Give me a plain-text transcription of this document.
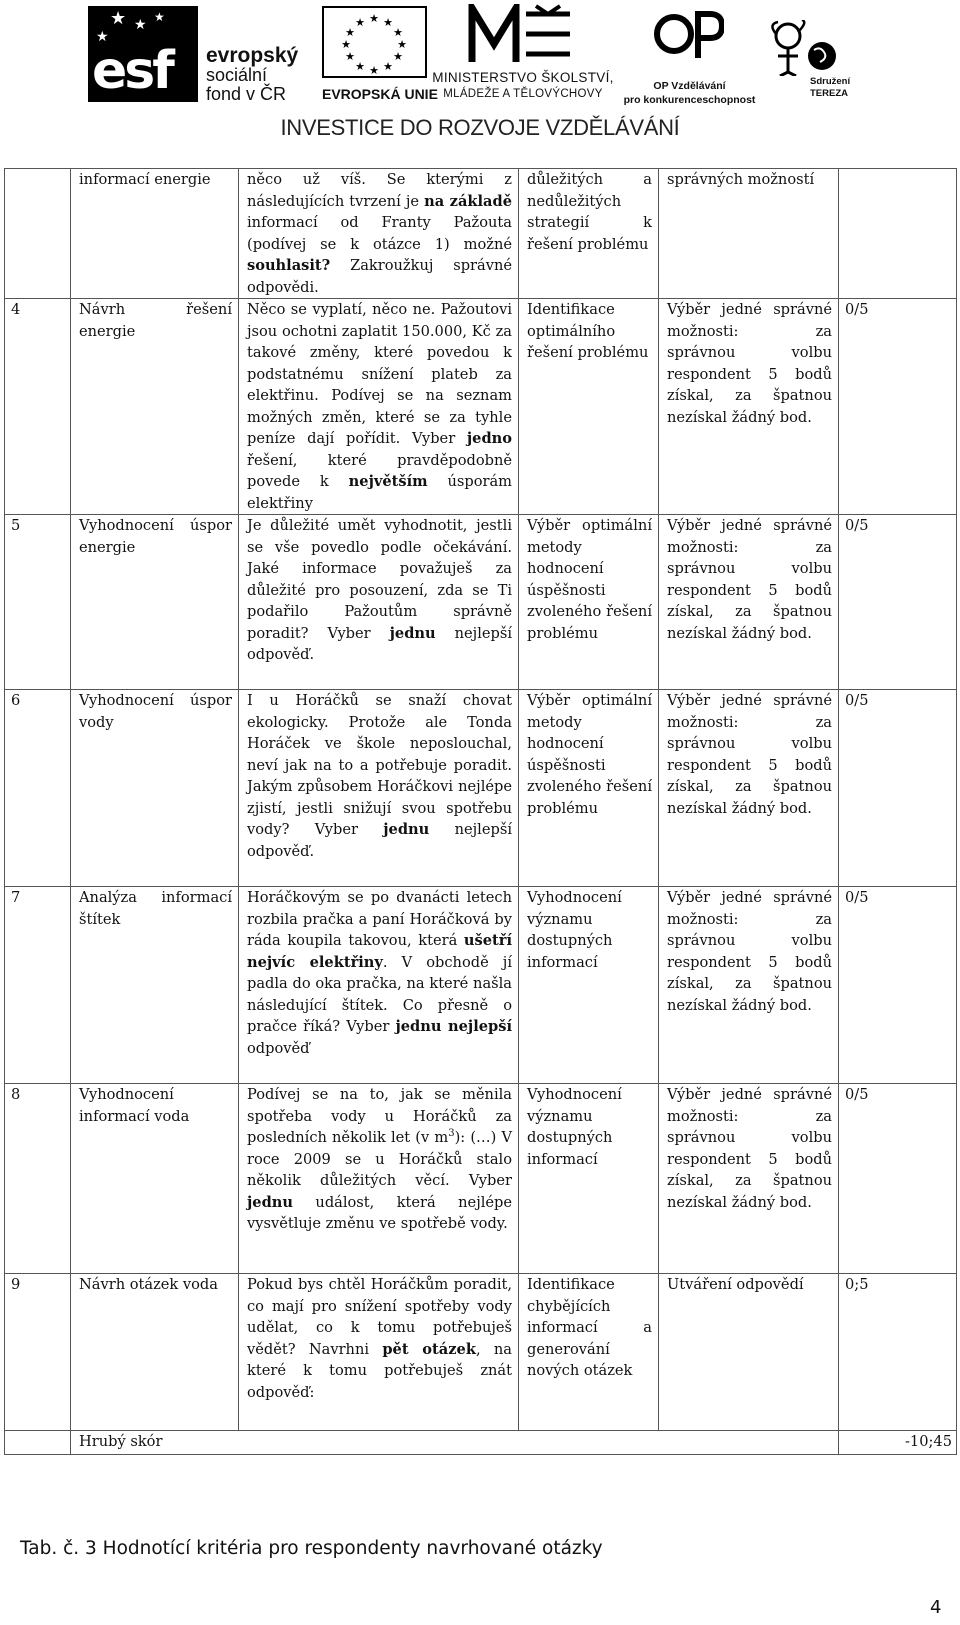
★ ★
★
★
esf evropský
sociální
fond v ČR
★ ★
★
★
★
★
★
★
★
★
★
★
EVROPSKÁ UNIE
MINISTERSTVO ŠKOLSTVÍ,
MLÁDEŽE A TĚLOVÝCHOVY
OP Vzdělávání
pro konkurenceschopnost
Sdružení
TEREZA
INVESTICE DO ROZVOJE VZDĚLÁVÁNÍ
	informací energie	něco už víš. Se kterými z následujících tvrzení je na základě informací od Franty Pažouta (podívej se k otázce 1) možné souhlasit? Zakroužkuj správné odpovědi.	důležitých a nedůležitých strategií k řešení problému	správných možností	
4	Návrh řešení energie	Něco se vyplatí, něco ne. Pažoutovi jsou ochotni zaplatit 150.000, Kč za takové změny, které povedou k podstatnému snížení plateb za elektřinu. Podívej se na seznam možných změn, které se za tyhle peníze dají pořídit. Vyber jedno řešení, které pravděpodobně povede k největším úsporám elektřiny	Identifikace optimálního řešení problému	Výběr jedné správné možnosti: za správnou volbu respondent 5 bodů získal, za špatnou nezískal žádný bod.	0/5
5	Vyhodnocení úspor energie	Je důležité umět vyhodnotit, jestli se vše povedlo podle očekávání. Jaké informace považuješ za důležité pro posouzení, zda se Ti podařilo Pažoutům správně poradit? Vyber jednu nejlepší odpověď.	Výběr optimální metody hodnocení úspěšnosti zvoleného řešení problému	Výběr jedné správné možnosti: za správnou volbu respondent 5 bodů získal, za špatnou nezískal žádný bod.	0/5
6	Vyhodnocení úspor vody	I u Horáčků se snaží chovat ekologicky. Protože ale Tonda Horáček ve škole neposlouchal, neví jak na to a potřebuje poradit. Jakým způsobem Horáčkovi nejlépe zjistí, jestli snižují svou spotřebu vody? Vyber jednu nejlepší odpověď.	Výběr optimální metody hodnocení úspěšnosti zvoleného řešení problému	Výběr jedné správné možnosti: za správnou volbu respondent 5 bodů získal, za špatnou nezískal žádný bod.	0/5
7	Analýza informací štítek	Horáčkovým se po dvanácti letech rozbila pračka a paní Horáčková by ráda koupila takovou, která ušetří nejvíc elektřiny. V obchodě jí padla do oka pračka, na které našla následující štítek. Co přesně o pračce říká? Vyber jednu nejlepší odpověď	Vyhodnocení významu dostupných informací	Výběr jedné správné možnosti: za správnou volbu respondent 5 bodů získal, za špatnou nezískal žádný bod.	0/5
8	Vyhodnocení informací voda	Podívej se na to, jak se měnila spotřeba vody u Horáčků za posledních několik let (v $m^3$): (…) V roce 2009 se u Horáčků stalo několik důležitých věcí. Vyber jednu událost, která nejlépe vysvětluje změnu ve spotřebě vody.	Vyhodnocení významu dostupných informací	Výběr jedné správné možnosti: za správnou volbu respondent 5 bodů získal, za špatnou nezískal žádný bod.	0/5
9	Návrh otázek voda	Pokud bys chtěl Horáčkům poradit, co mají pro snížení spotřeby vody udělat, co k tomu potřebuješ vědět? Navrhni pět otázek, na které k tomu potřebuješ znát odpověď:	Identifikace chybějících informací a generování nových otázek	Utváření odpovědí	0;5
	Hrubý skór				-10;45
Tab. č. 3 Hodnotící kritéria pro respondenty navrhované otázky
4
